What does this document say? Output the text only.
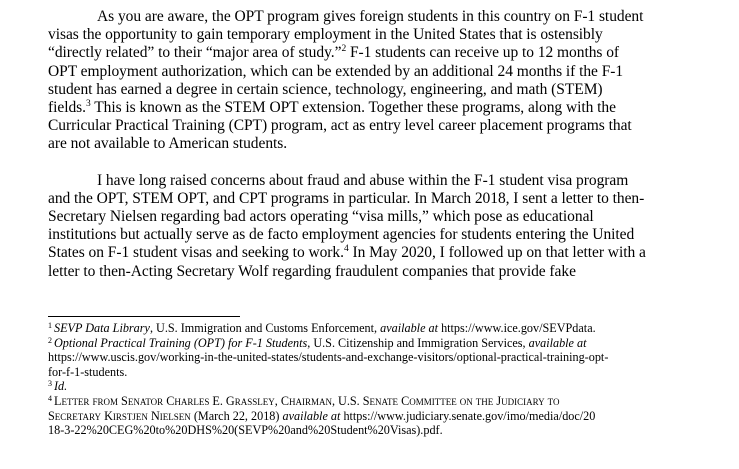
As you are aware, the OPT program gives foreign students in this country on F-1 student
visas the opportunity to gain temporary employment in the United States that is ostensibly
“directly related” to their “major area of study.”$^2$ F-1 students can receive up to 12 months of
OPT employment authorization, which can be extended by an additional 24 months if the F-1
student has earned a degree in certain science, technology, engineering, and math (STEM)
fields.$^3$ This is known as the STEM OPT extension. Together these programs, along with the
Curricular Practical Training (CPT) program, act as entry level career placement programs that
are not available to American students.

I have long raised concerns about fraud and abuse within the F-1 student visa program
and the OPT, STEM OPT, and CPT programs in particular. In March 2018, I sent a letter to then-
Secretary Nielsen regarding bad actors operating “visa mills,” which pose as educational
institutions but actually serve as de facto employment agencies for students entering the United
States on F-1 student visas and seeking to work.$^4$ In May 2020, I followed up on that letter with a
letter to then-Acting Secretary Wolf regarding fraudulent companies that provide fake

$^1$ SEVP Data Library, U.S. Immigration and Customs Enforcement, available at https://www.ice.gov/SEVPdata.
$^2$ Optional Practical Training (OPT) for F-1 Students, U.S. Citizenship and Immigration Services, available at
https://www.uscis.gov/working-in-the-united-states/students-and-exchange-visitors/optional-practical-training-opt-
for-f-1-students.
$^3$ Id.
$^4$ Letter from Senator Charles E. Grassley, Chairman, U.S. Senate Committee on the Judiciary to
Secretary Kirstjen Nielsen (March 22, 2018) available at https://www.judiciary.senate.gov/imo/media/doc/20
18-3-22%20CEG%20to%20DHS%20(SEVP%20and%20Student%20Visas).pdf.
